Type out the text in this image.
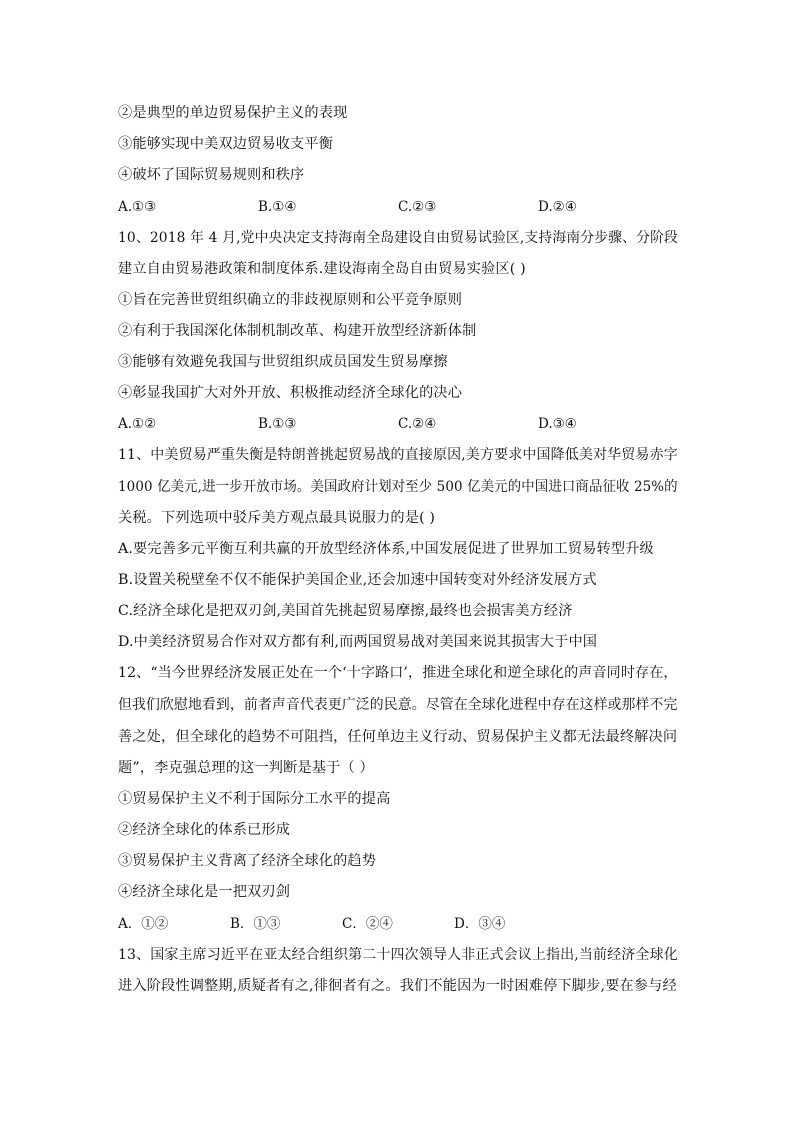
②是典型的单边贸易保护主义的表现
③能够实现中美双边贸易收支平衡
④破坏了国际贸易规则和秩序
A.①③	B.①④	C.②③	D.②④
10、2018 年 4 月,党中央决定支持海南全岛建设自由贸易试验区,支持海南分步骤、分阶段
建立自由贸易港政策和制度体系.建设海南全岛自由贸易实验区( )
①旨在完善世贸组织确立的非歧视原则和公平竞争原则
②有利于我国深化体制机制改革、构建开放型经济新体制
③能够有效避免我国与世贸组织成员国发生贸易摩擦
④彰显我国扩大对外开放、积极推动经济全球化的决心
A.①②	B.①③	C.②④	D.③④
11、中美贸易严重失衡是特朗普挑起贸易战的直接原因,美方要求中国降低美对华贸易赤字
1000 亿美元,进一步开放市场。美国政府计划对至少 500 亿美元的中国进口商品征收 25%的
关税。下列选项中驳斥美方观点最具说服力的是( )
A.要完善多元平衡互利共赢的开放型经济体系,中国发展促进了世界加工贸易转型升级
B.设置关税壁垒不仅不能保护美国企业,还会加速中国转变对外经济发展方式
C.经济全球化是把双刃剑,美国首先挑起贸易摩擦,最终也会损害美方经济
D.中美经济贸易合作对双方都有利,而两国贸易战对美国来说其损害大于中国
12、“当今世界经济发展正处在一个‘十字路口’，推进全球化和逆全球化的声音同时存在，
但我们欣慰地看到，前者声音代表更广泛的民意。尽管在全球化进程中存在这样或那样不完
善之处，但全球化的趋势不可阻挡，任何单边主义行动、贸易保护主义都无法最终解决问
题”，李克强总理的这一判断是基于（ ）
①贸易保护主义不利于国际分工水平的提高
②经济全球化的体系已形成
③贸易保护主义背离了经济全球化的趋势
④经济全球化是一把双刃剑
A．①②	B．①③	C．②④	D．③④
13、国家主席习近平在亚太经合组织第二十四次领导人非正式会议上指出,当前经济全球化
进入阶段性调整期,质疑者有之,徘徊者有之。我们不能因为一时困难停下脚步,要在参与经
